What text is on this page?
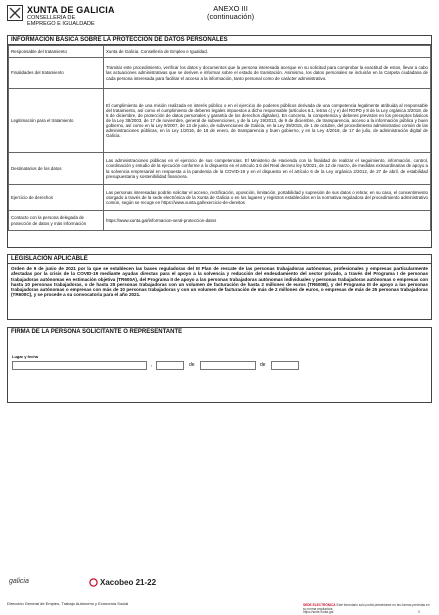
XUNTA DE GALICIA
CONSELLERÍA DE
EMPREGO E IGUALDADE
ANEXO III
(continuación)
INFORMACIÓN BÁSICA SOBRE LA PROTECCIÓN DE DATOS PERSONALES
Responsable del tratamiento	Xunta de Galicia. Consellería de Empleo e Igualdad.
Finalidades del tratamiento	Tramitar este procedimiento, verificar los datos y documentos que la persona interesada acerque en su solicitud para comprobar la exactitud de estos, llevar a cabo las actuaciones administrativas que se deriven e informar sobre el estado de tramitación. Asimismo, los datos personales se incluirán en la Carpeta ciudadana de cada persona interesada para facilitar el acceso a la información, tanto personal como de carácter administrativo.
Legitimación para el tratamiento	El cumplimiento de una misión realizada en interés público o en el ejercicio de poderes públicos derivada de una competencia legalmente atribuida al responsable del tratamiento, así como el cumplimiento de deberes legales impuestos a dicho responsable (artículos 6.1, letras c) y e) del RGPD y 8 de la Ley orgánica 3/2018, de 5 de diciembre, de protección de datos personales y garantía de los derechos digitales). En concreto, la competencia y deberes previstos en los preceptos básicos de la Ley 38/2003, de 17 de noviembre, general de subvenciones, y de la Ley 19/2013, de 9 de diciembre, de transparencia, acceso a la información pública y buen gobierno, así como en la Ley 9/2007, de 13 de junio, de subvenciones de Galicia, en la Ley 39/2015, de 1 de octubre, del procedimiento administrativo común de las administraciones públicas, en la Ley 1/2016, de 18 de enero, de transparencia y buen gobierno, y en la Ley 4/2019, de 17 de julio, de administración digital de Galicia.
Destinatarios de los datos	Las administraciones públicas en el ejercicio de sus competencias. El Ministerio de Hacienda con la finalidad de realizar el seguimiento, información, control, coordinación y estudio de la ejecución conforme a lo dispuesto en el artículo 3.6 del Real decreto ley 5/2021, de 12 de marzo, de medidas extraordinarias de apoyo a la solvencia empresarial en respuesta a la pandemia de la COVID-19 y en el dispuesto en el artículo 6 de la Ley orgánica 2/2012, de 27 de abril, de estabilidad presupuestaria y sostenibilidad financiera.
Ejercicio de derechos	Las personas interesadas podrán solicitar el acceso, rectificación, oposición, limitación, portabilidad y supresión de sus datos o retirar, en su caso, el consentimiento otorgado a través de la sede electrónica de la Xunta de Galicia o en los lugares y registros establecidos en la normativa reguladora del procedimiento administrativo común, según se recoge en https://www.xunta.gal/exercicio-de-dereitos
Contacto con la persona delegada de protección de datos y más información	https://www.xunta.gal/informacion-xeral-proteccion-datos
LEGISLACIÓN APLICABLE
Orden de 9 de junio de 2021 por la que se establecen las bases reguladoras del III Plan de rescate de las personas trabajadoras autónomas, profesionales y empresas particularmente afectadas por la crisis de la COVID-19 mediante ayudas directas para el apoyo a la solvencia y reducción del endeudamiento del sector privado, a través del Programa I de personas trabajadoras autónomas en estimación objetiva (TR600A), del Programa II de apoyo a las personas trabajadoras autónomas individuales y personas trabajadoras autónomas o empresas con hasta 10 personas trabajadoras, o de hasta 25 personas trabajadoras con un volumen de facturación de hasta 2 millones de euros (TR600B), y del Programa III de apoyo a las personas trabajadoras autónomas o empresas con más de 10 personas trabajadoras y con un volumen de facturación de más de 2 millones de euros, o empresas de más de 25 personas trabajadoras (TR600C), y se procede a su convocatoria para el año 2021.
FIRMA DE LA PERSONA SOLICITANTE O REPRESENTANTE
Lugar y fecha
,	de	de
galicia	Xacobeo 21-22
Dirección General de Empleo, Trabajo Autónomo y Economía Social	SEDE ELECTRÓNICA Este formulario solo podrá presentarse en las formas previstas en su norma reguladora
https://sede.xunta.gal	3
